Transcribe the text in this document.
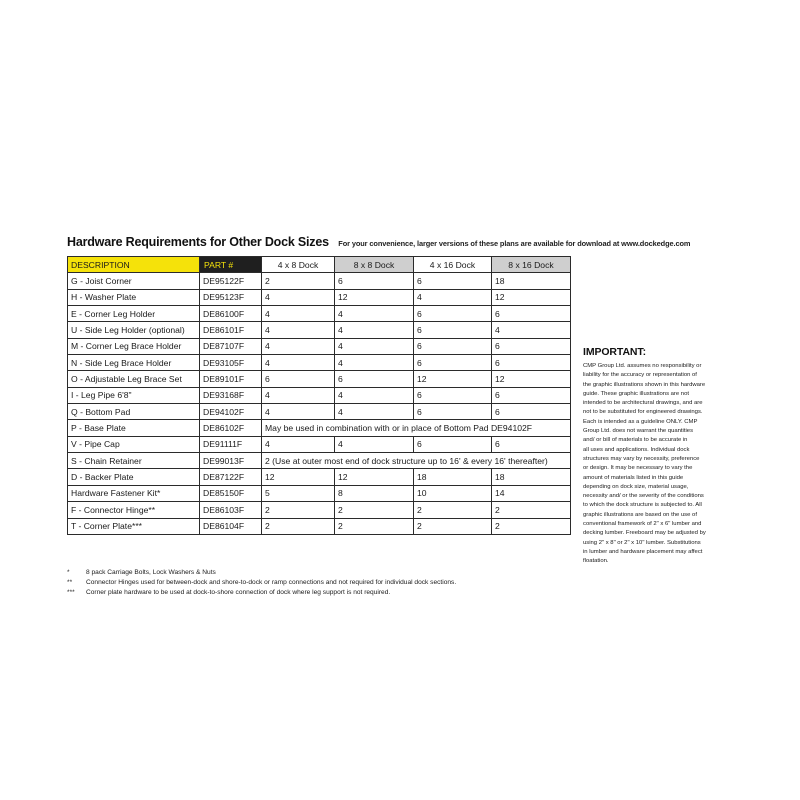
Hardware Requirements for Other Dock Sizes For your convenience, larger versions of these plans are available for download at www.dockedge.com
DESCRIPTION	PART #	4 x 8 Dock	8 x 8 Dock	4 x 16 Dock	8 x 16 Dock
G - Joist Corner	DE95122F	2	6	6	18
H - Washer Plate	DE95123F	4	12	4	12
E - Corner Leg Holder	DE86100F	4	4	6	6
U - Side Leg Holder (optional)	DE86101F	4	4	6	4
M - Corner Leg Brace Holder	DE87107F	4	4	6	6
N - Side Leg Brace Holder	DE93105F	4	4	6	6
O - Adjustable Leg Brace Set	DE89101F	6	6	12	12
I - Leg Pipe 6'8"	DE93168F	4	4	6	6
Q - Bottom Pad	DE94102F	4	4	6	6
P - Base Plate	DE86102F	May be used in combination with or in place of Bottom Pad DE94102F			
V - Pipe Cap	DE91111F	4	4	6	6
S - Chain Retainer	DE99013F	2 (Use at outer most end of dock structure up to 16' & every 16' thereafter)			
D - Backer Plate	DE87122F	12	12	18	18
Hardware Fastener Kit*	DE85150F	5	8	10	14
F - Connector Hinge**	DE86103F	2	2	2	2
T - Corner Plate***	DE86104F	2	2	2	2
* 8 pack Carriage Bolts, Lock Washers & Nuts
** Connector Hinges used for between-dock and shore-to-dock or ramp connections and not required for individual dock sections.
*** Corner plate hardware to be used at dock-to-shore connection of dock where leg support is not required.
IMPORTANT:
CMP Group Ltd. assumes no responsibility or
liability for the accuracy or representation of
the graphic illustrations shown in this hardware
guide. These graphic illustrations are not
intended to be architectural drawings, and are
not to be substituted for engineered drawings.
Each is intended as a guideline ONLY. CMP
Group Ltd. does not warrant the quantities
and/ or bill of materials to be accurate in
all uses and applications. Individual dock
structures may vary by necessity, preference
or design. It may be necessary to vary the
amount of materials listed in this guide
depending on dock size, material usage,
necessity and/ or the severity of the conditions
to which the dock structure is subjected to. All
graphic illustrations are based on the use of
conventional framework of 2" x 6" lumber and
decking lumber. Freeboard may be adjusted by
using 2" x 8" or 2" x 10" lumber. Substitutions
in lumber and hardware placement may affect
floatation.
